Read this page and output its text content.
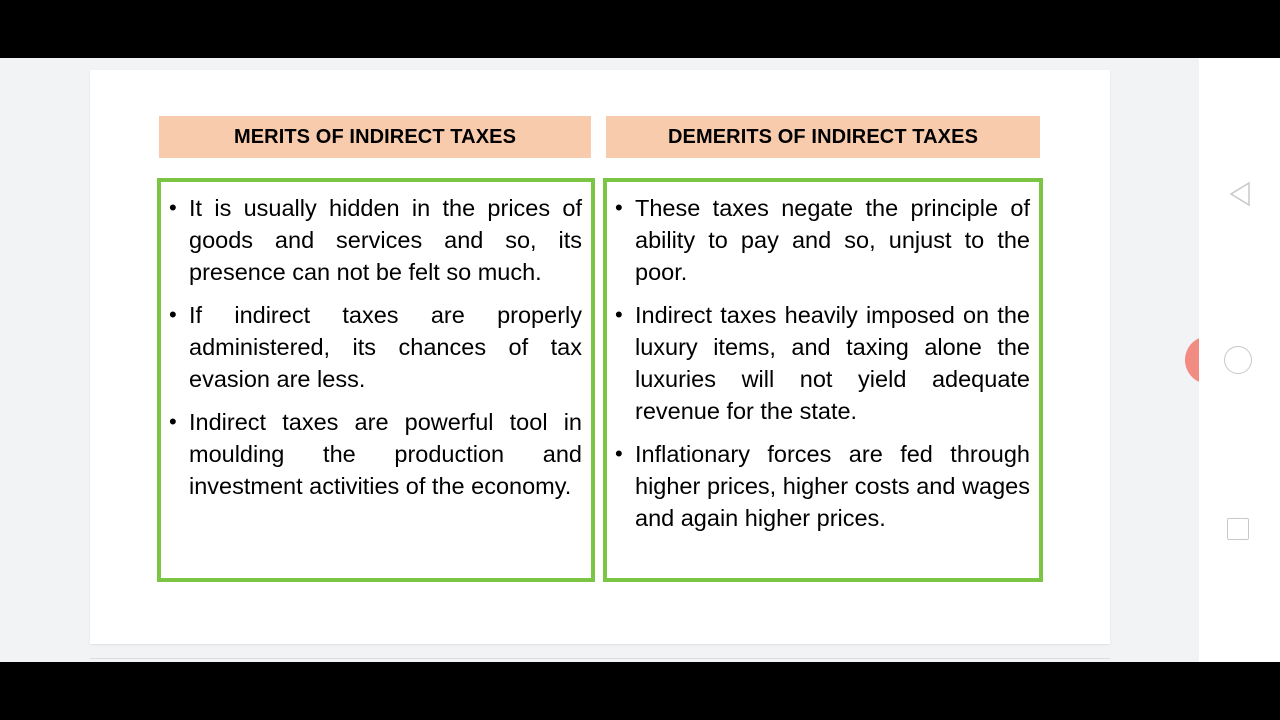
MERITS OF INDIRECT TAXES	DEMERITS OF INDIRECT TAXES
• It is usually hidden in the prices of goods and services and so, its presence can not be felt so much.
• If indirect taxes are properly administered, its chances of tax evasion are less.
• Indirect taxes are powerful tool in moulding the production and investment activities of the economy.
• These taxes negate the principle of ability to pay and so, unjust to the poor.
• Indirect taxes heavily imposed on the luxury items, and taxing alone the luxuries will not yield adequate revenue for the state.
• Inflationary forces are fed through higher prices, higher costs and wages and again higher prices.
